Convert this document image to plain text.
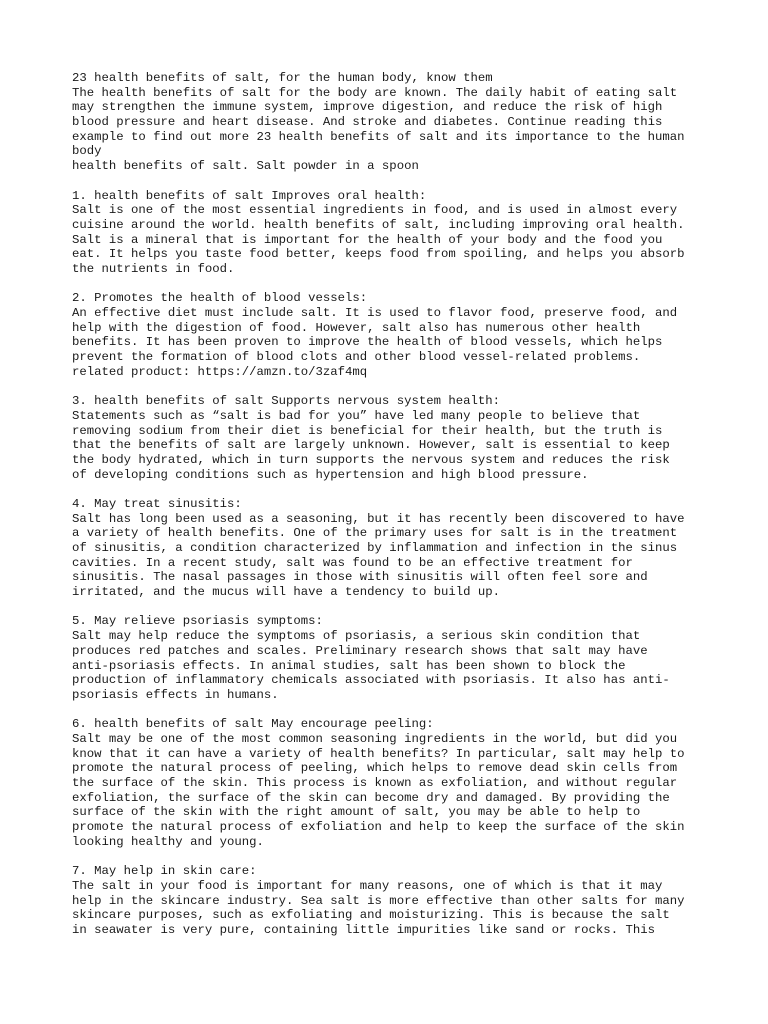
23 health benefits of salt, for the human body, know them
The health benefits of salt for the body are known. The daily habit of eating salt
may strengthen the immune system, improve digestion, and reduce the risk of high
blood pressure and heart disease. And stroke and diabetes. Continue reading this
example to find out more 23 health benefits of salt and its importance to the human
body
health benefits of salt. Salt powder in a spoon
1. health benefits of salt Improves oral health:
Salt is one of the most essential ingredients in food, and is used in almost every
cuisine around the world. health benefits of salt, including improving oral health.
Salt is a mineral that is important for the health of your body and the food you
eat. It helps you taste food better, keeps food from spoiling, and helps you absorb
the nutrients in food.
2. Promotes the health of blood vessels:
An effective diet must include salt. It is used to flavor food, preserve food, and
help with the digestion of food. However, salt also has numerous other health
benefits. It has been proven to improve the health of blood vessels, which helps
prevent the formation of blood clots and other blood vessel-related problems.
related product: https://amzn.to/3zaf4mq
3. health benefits of salt Supports nervous system health:
Statements such as “salt is bad for you” have led many people to believe that
removing sodium from their diet is beneficial for their health, but the truth is
that the benefits of salt are largely unknown. However, salt is essential to keep
the body hydrated, which in turn supports the nervous system and reduces the risk
of developing conditions such as hypertension and high blood pressure.
4. May treat sinusitis:
Salt has long been used as a seasoning, but it has recently been discovered to have
a variety of health benefits. One of the primary uses for salt is in the treatment
of sinusitis, a condition characterized by inflammation and infection in the sinus
cavities. In a recent study, salt was found to be an effective treatment for
sinusitis. The nasal passages in those with sinusitis will often feel sore and
irritated, and the mucus will have a tendency to build up.
5. May relieve psoriasis symptoms:
Salt may help reduce the symptoms of psoriasis, a serious skin condition that
produces red patches and scales. Preliminary research shows that salt may have
anti-psoriasis effects. In animal studies, salt has been shown to block the
production of inflammatory chemicals associated with psoriasis. It also has anti-
psoriasis effects in humans.
6. health benefits of salt May encourage peeling:
Salt may be one of the most common seasoning ingredients in the world, but did you
know that it can have a variety of health benefits? In particular, salt may help to
promote the natural process of peeling, which helps to remove dead skin cells from
the surface of the skin. This process is known as exfoliation, and without regular
exfoliation, the surface of the skin can become dry and damaged. By providing the
surface of the skin with the right amount of salt, you may be able to help to
promote the natural process of exfoliation and help to keep the surface of the skin
looking healthy and young.
7. May help in skin care:
The salt in your food is important for many reasons, one of which is that it may
help in the skincare industry. Sea salt is more effective than other salts for many
skincare purposes, such as exfoliating and moisturizing. This is because the salt
in seawater is very pure, containing little impurities like sand or rocks. This
